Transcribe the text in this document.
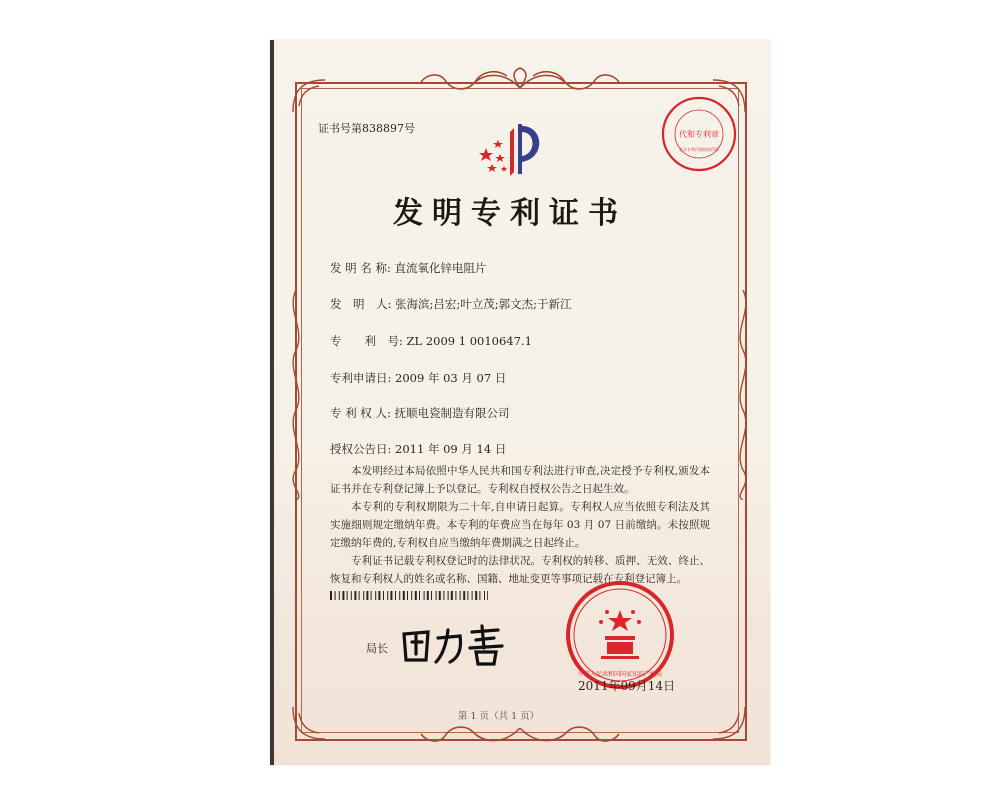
证书号第838897号	代和专利章
北京专利代理机构印章
发明专利证书
发 明 名 称: 直流氧化锌电阻片
发　明　人: 张海滨;吕宏;叶立茂;郭文杰;于新江
专　　利　号: ZL 2009 1 0010647.1
专利申请日: 2009 年 03 月 07 日
专 利 权 人: 抚顺电瓷制造有限公司
授权公告日: 2011 年 09 月 14 日

本发明经过本局依照中华人民共和国专利法进行审查,决定授予专利权,颁发本证书并在专利登记簿上予以登记。专利权自授权公告之日起生效。

本专利的专利权期限为二十年,自申请日起算。专利权人应当依照专利法及其实施细则规定缴纳年费。本专利的年费应当在每年 03 月 07 日前缴纳。未按照规定缴纳年费的,专利权自应当缴纳年费期满之日起终止。

专利证书记载专利权登记时的法律状况。专利权的转移、质押、无效、终止、恢复和专利权人的姓名或名称、国籍、地址变更等事项记载在专利登记簿上。

局长
中华人民共和国国家知识产权局
2011年09月14日
第 1 页（共 1 页）
